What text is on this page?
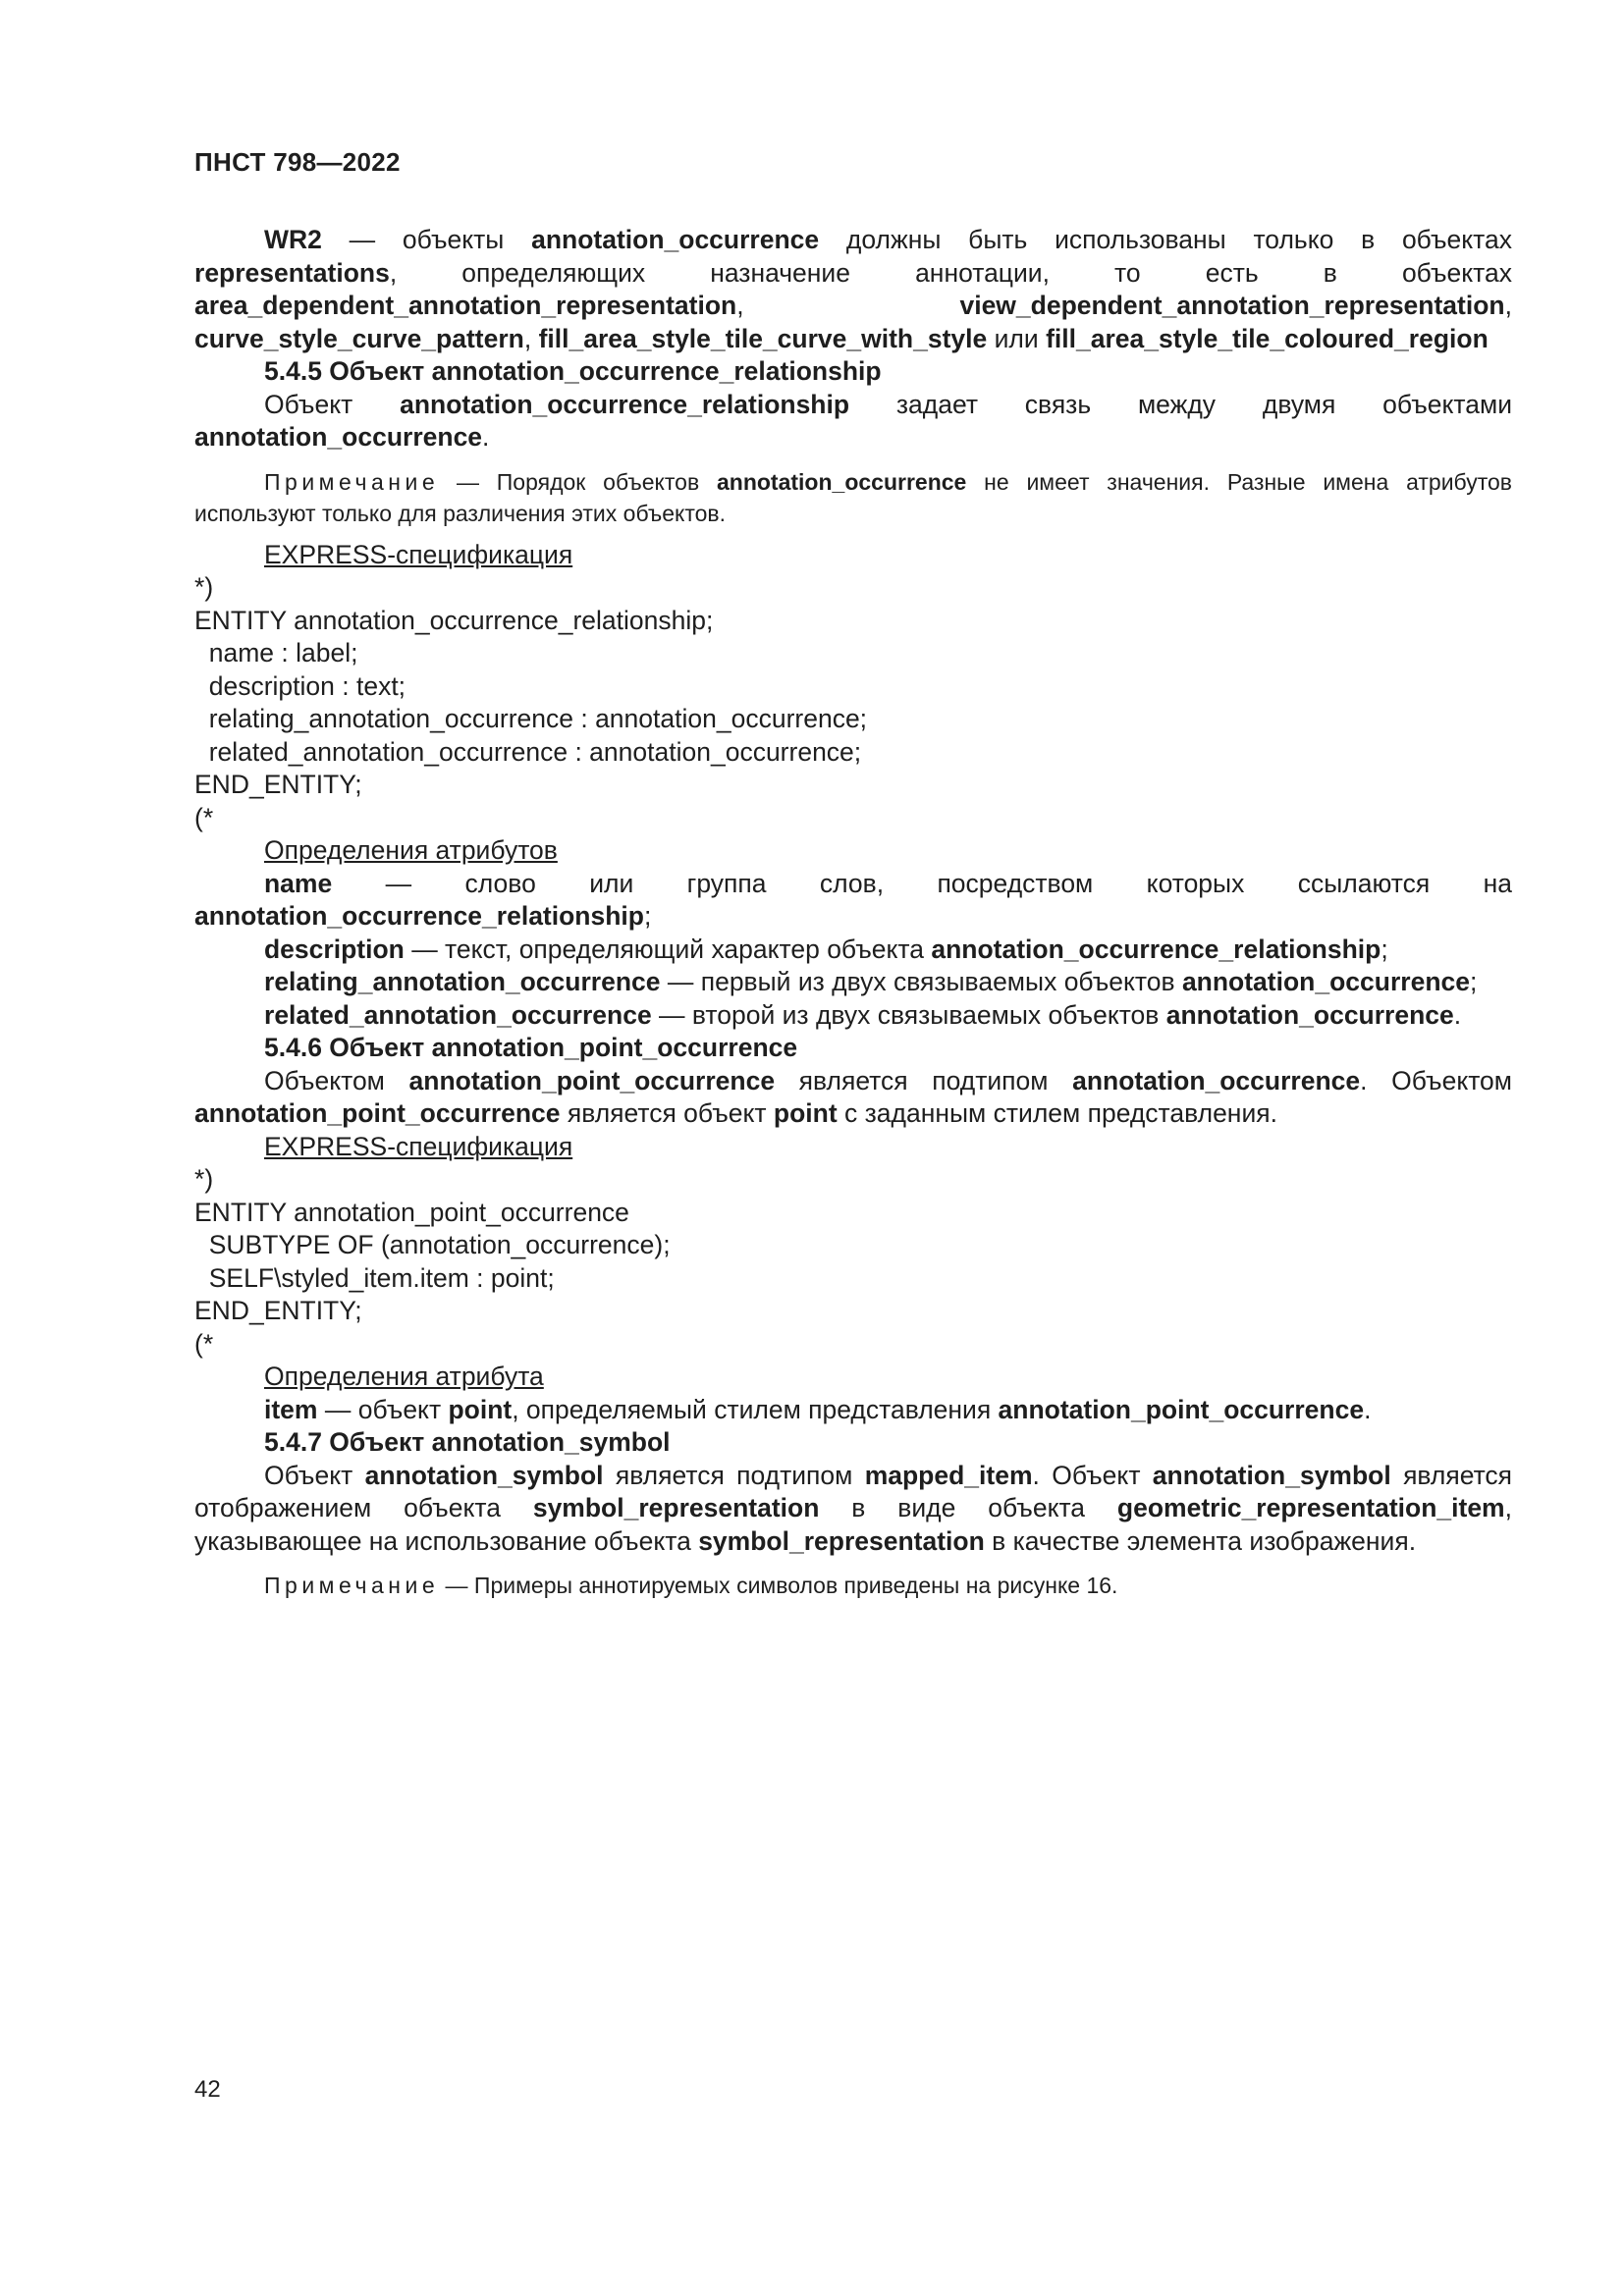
ПНСТ 798—2022

WR2 — объекты annotation_occurrence должны быть использованы только в объектах representations, определяющих назначение аннотации, то есть в объектах area_dependent_annotation_representation, view_dependent_annotation_representation, curve_style_curve_pattern, fill_area_style_tile_curve_with_style или fill_area_style_tile_coloured_region

5.4.5 Объект annotation_occurrence_relationship

Объект annotation_occurrence_relationship задает связь между двумя объектами annotation_occurrence.

Примечание — Порядок объектов annotation_occurrence не имеет значения. Разные имена атрибутов используют только для различения этих объектов.

EXPRESS-спецификация

*)
ENTITY annotation_occurrence_relationship;
name : label;
description : text;
relating_annotation_occurrence : annotation_occurrence;
related_annotation_occurrence : annotation_occurrence;
END_ENTITY;
(*

Определения атрибутов

name — слово или группа слов, посредством которых ссылаются на annotation_occurrence_relationship;

description — текст, определяющий характер объекта annotation_occurrence_relationship;

relating_annotation_occurrence — первый из двух связываемых объектов annotation_occurrence;

related_annotation_occurrence — второй из двух связываемых объектов annotation_occurrence.

5.4.6 Объект annotation_point_occurrence

Объектом annotation_point_occurrence является подтипом annotation_occurrence. Объектом annotation_point_occurrence является объект point с заданным стилем представления.

EXPRESS-спецификация

*)
ENTITY annotation_point_occurrence
SUBTYPE OF (annotation_occurrence);
SELF\styled_item.item : point;
END_ENTITY;
(*

Определения атрибута

item — объект point, определяемый стилем представления annotation_point_occurrence.

5.4.7 Объект annotation_symbol

Объект annotation_symbol является подтипом mapped_item. Объект annotation_symbol является отображением объекта symbol_representation в виде объекта geometric_representation_item, указывающее на использование объекта symbol_representation в качестве элемента изображения.

Примечание — Примеры аннотируемых символов приведены на рисунке 16.

42
